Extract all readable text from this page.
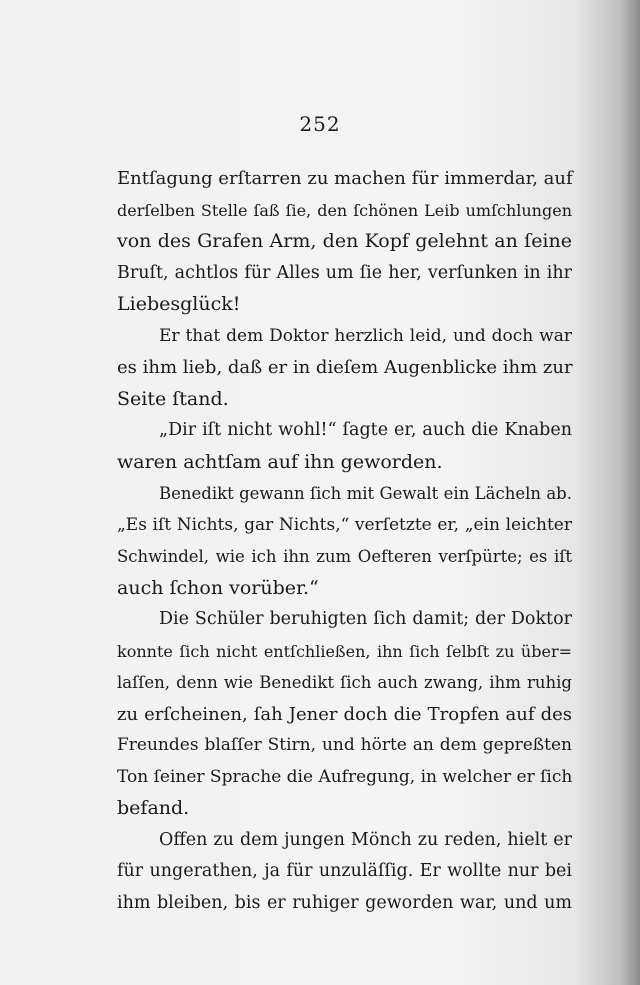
252
Entſagung erſtarren zu machen für immerdar, auf
derſelben Stelle ſaß ſie, den ſchönen Leib umſchlungen
von des Grafen Arm, den Kopf gelehnt an ſeine
Bruſt, achtlos für Alles um ſie her, verſunken in ihr
Liebesglück!
Er that dem Doktor herzlich leid, und doch war
es ihm lieb, daß er in dieſem Augenblicke ihm zur
Seite ſtand.
„Dir iſt nicht wohl!“ ſagte er, auch die Knaben
waren achtſam auf ihn geworden.
Benedikt gewann ſich mit Gewalt ein Lächeln ab.
„Es iſt Nichts, gar Nichts,“ verſetzte er, „ein leichter
Schwindel, wie ich ihn zum Oefteren verſpürte; es iſt
auch ſchon vorüber.“
Die Schüler beruhigten ſich damit; der Doktor
konnte ſich nicht entſchließen, ihn ſich ſelbſt zu über=
laſſen, denn wie Benedikt ſich auch zwang, ihm ruhig
zu erſcheinen, ſah Jener doch die Tropfen auf des
Freundes blaſſer Stirn, und hörte an dem gepreßten
Ton ſeiner Sprache die Aufregung, in welcher er ſich
befand.
Offen zu dem jungen Mönch zu reden, hielt er
für ungerathen, ja für unzuläſſig. Er wollte nur bei
ihm bleiben, bis er ruhiger geworden war, und um
